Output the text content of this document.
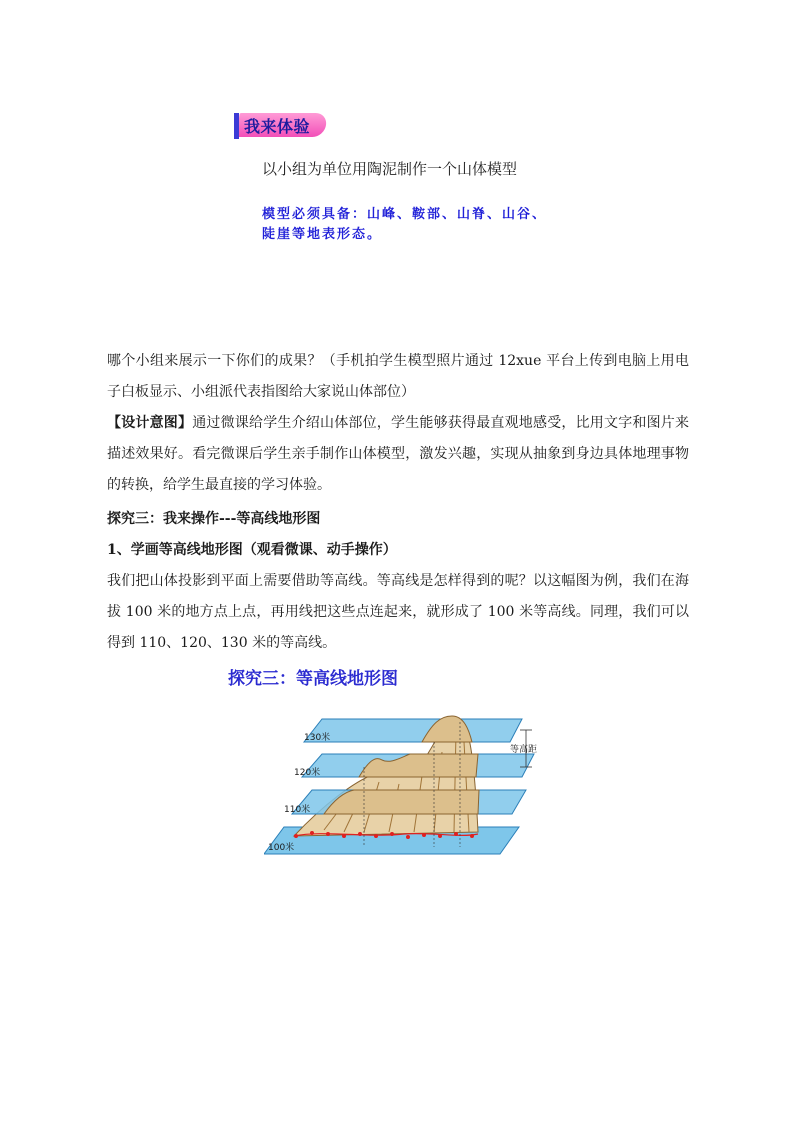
我来体验
以小组为单位用陶泥制作一个山体模型
模型必须具备：山峰、鞍部、山脊、山谷、陡崖等地表形态。
哪个小组来展示一下你们的成果？（手机拍学生模型照片通过 12xue 平台上传到电脑上用电子白板显示、小组派代表指图给大家说山体部位）
【设计意图】通过微课给学生介绍山体部位，学生能够获得最直观地感受，比用文字和图片来描述效果好。看完微课后学生亲手制作山体模型，激发兴趣，实现从抽象到身边具体地理事物的转换，给学生最直接的学习体验。
探究三：我来操作---等高线地形图
1、学画等高线地形图（观看微课、动手操作）
我们把山体投影到平面上需要借助等高线。等高线是怎样得到的呢？以这幅图为例，我们在海拔 100 米的地方点上点，再用线把这些点连起来，就形成了 100 米等高线。同理，我们可以得到 110、120、130 米的等高线。
探究三：等高线地形图
130米
120米
110米
100米
等高距
